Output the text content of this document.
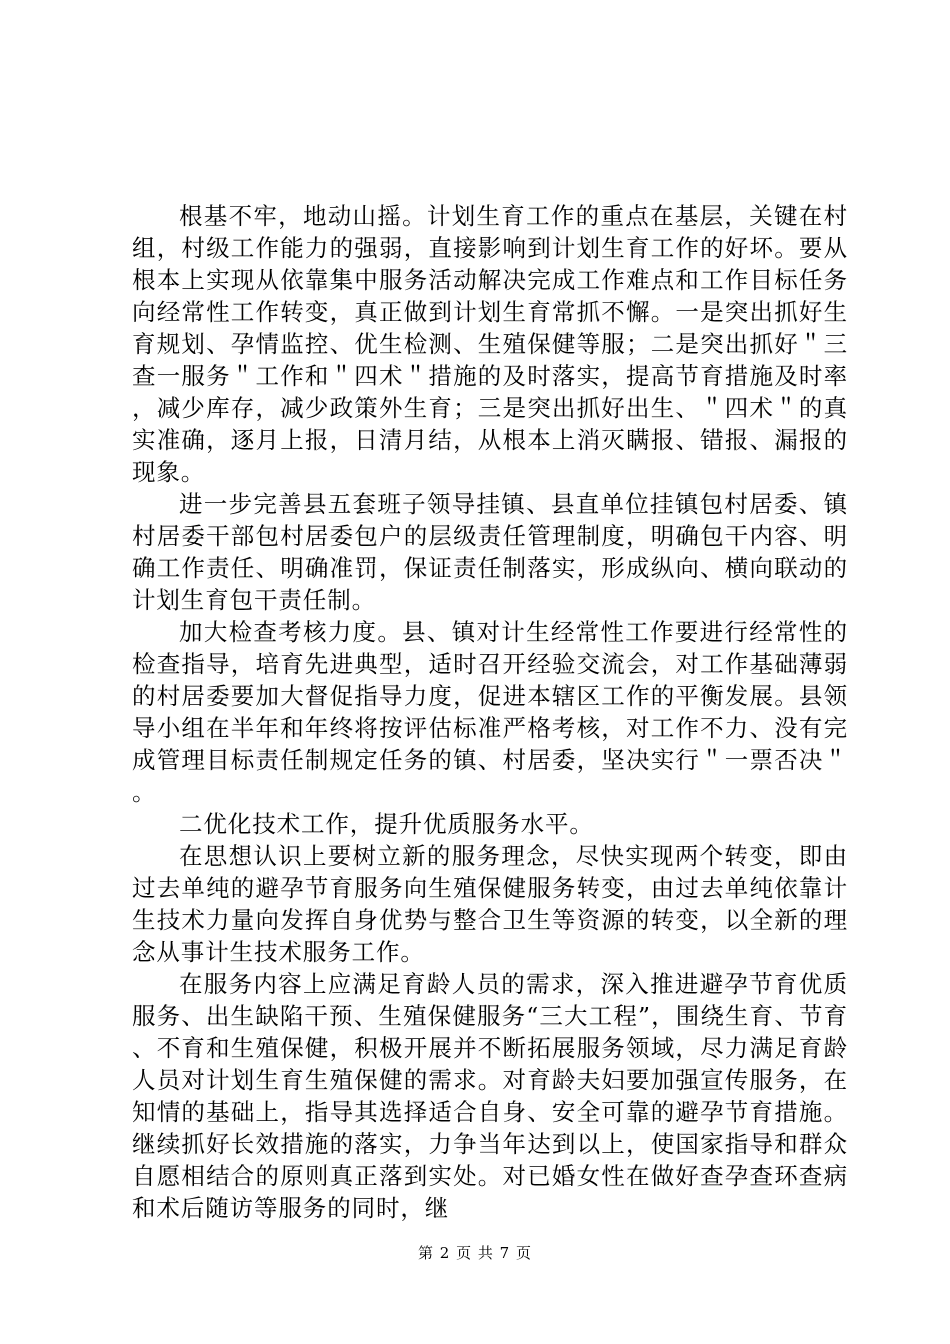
根基不牢，地动山摇。计划生育工作的重点在基层，关键在村组，村级工作能力的强弱，直接影响到计划生育工作的好坏。要从根本上实现从依靠集中服务活动解决完成工作难点和工作目标任务向经常性工作转变，真正做到计划生育常抓不懈。一是突出抓好生育规划、孕情监控、优生检测、生殖保健等服；二是突出抓好＂三查一服务＂工作和＂四术＂措施的及时落实，提高节育措施及时率，减少库存，减少政策外生育；三是突出抓好出生、＂四术＂的真实准确，逐月上报，日清月结，从根本上消灭瞒报、错报、漏报的现象。

进一步完善县五套班子领导挂镇、县直单位挂镇包村居委、镇村居委干部包村居委包户的层级责任管理制度，明确包干内容、明确工作责任、明确准罚，保证责任制落实，形成纵向、横向联动的计划生育包干责任制。

加大检查考核力度。县、镇对计生经常性工作要进行经常性的检查指导，培育先进典型，适时召开经验交流会，对工作基础薄弱的村居委要加大督促指导力度，促进本辖区工作的平衡发展。县领导小组在半年和年终将按评估标准严格考核，对工作不力、没有完成管理目标责任制规定任务的镇、村居委，坚决实行＂一票否决＂。

二优化技术工作，提升优质服务水平。

在思想认识上要树立新的服务理念，尽快实现两个转变，即由过去单纯的避孕节育服务向生殖保健服务转变，由过去单纯依靠计生技术力量向发挥自身优势与整合卫生等资源的转变，以全新的理念从事计生技术服务工作。

在服务内容上应满足育龄人员的需求，深入推进避孕节育优质服务、出生缺陷干预、生殖保健服务“三大工程”，围绕生育、节育、不育和生殖保健，积极开展并不断拓展服务领域，尽力满足育龄人员对计划生育生殖保健的需求。对育龄夫妇要加强宣传服务，在知情的基础上，指导其选择适合自身、安全可靠的避孕节育措施。继续抓好长效措施的落实，力争当年达到以上，使国家指导和群众自愿相结合的原则真正落到实处。对已婚女性在做好查孕查环查病和术后随访等服务的同时，继

第 2 页 共 7 页
